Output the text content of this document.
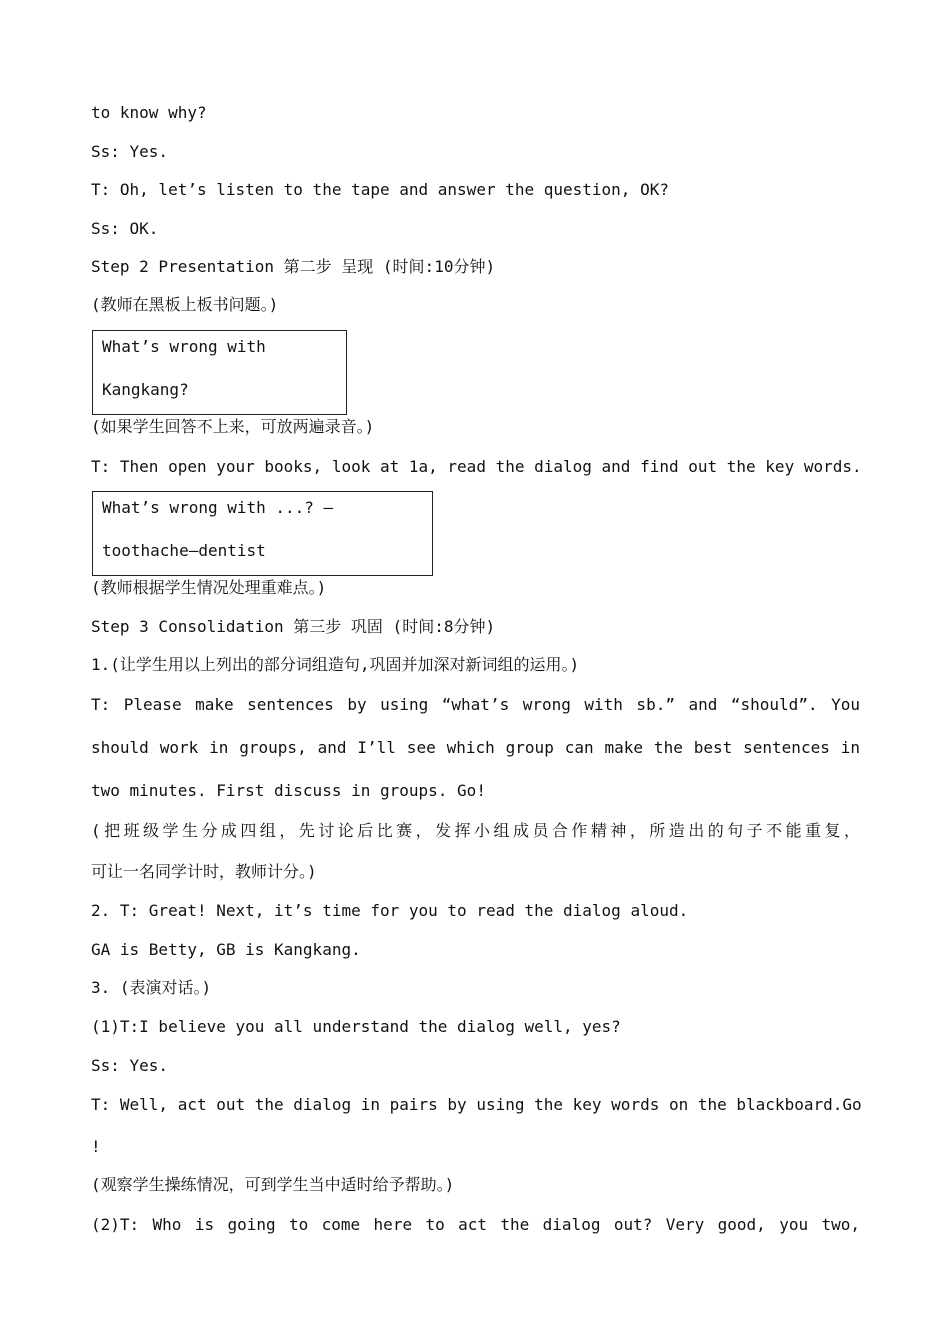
to know why?
Ss: Yes.
T: Oh, let’s listen to the tape and answer the question, OK?
Ss: OK.
Step 2 Presentation 第二步 呈现 (时间:10分钟)
(教师在黑板上板书问题。)
What’s wrong with
Kangkang?
(如果学生回答不上来，可放两遍录音。)
T: Then open your books, look at 1a, read the dialog and find out the key words.
What’s wrong with ...? —
toothache—dentist
(教师根据学生情况处理重难点。)
Step 3 Consolidation 第三步 巩固 (时间:8分钟)
1.(让学生用以上列出的部分词组造句,巩固并加深对新词组的运用。)
T: Please make sentences by using “what’s wrong with sb.” and “should”. You
should work in groups, and I’ll see which group can make the best sentences in
two minutes. First discuss in groups. Go!
(把班级学生分成四组，先讨论后比赛，发挥小组成员合作精神，所造出的句子不能重复，
可让一名同学计时，教师计分。)
2. T: Great! Next, it’s time for you to read the dialog aloud.
GA is Betty, GB is Kangkang.
3. (表演对话。)
(1)T:I believe you all understand the dialog well, yes?
Ss: Yes.
T: Well, act out the dialog in pairs by using the key words on the blackboard.Go
!
(观察学生操练情况，可到学生当中适时给予帮助。)
(2)T: Who is going to come here to act the dialog out? Very good, you two,
